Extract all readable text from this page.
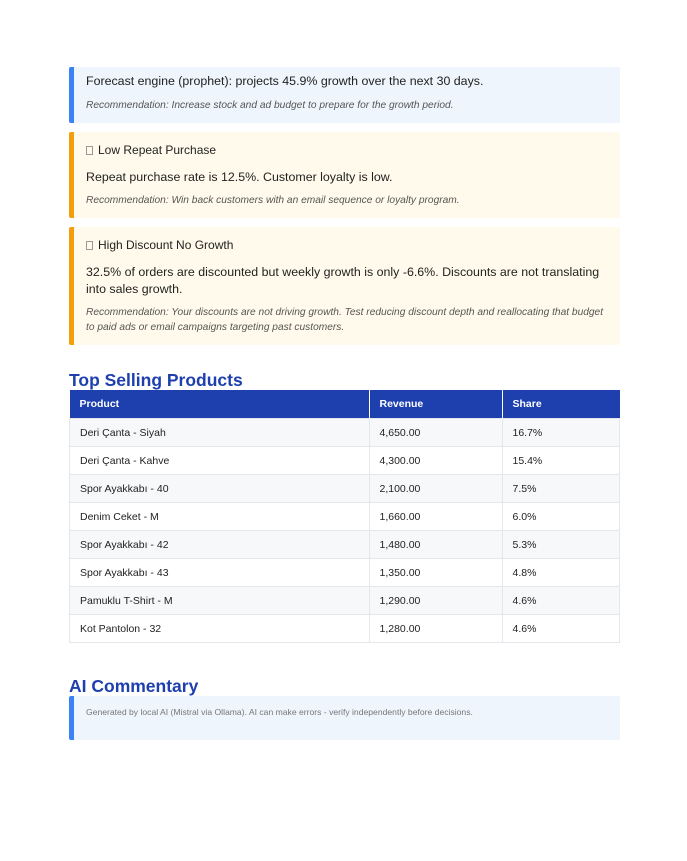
Forecast engine (prophet): projects 45.9% growth over the next 30 days.

Recommendation: Increase stock and ad budget to prepare for the growth period.

Low Repeat Purchase

Repeat purchase rate is 12.5%. Customer loyalty is low.

Recommendation: Win back customers with an email sequence or loyalty program.

High Discount No Growth

32.5% of orders are discounted but weekly growth is only -6.6%. Discounts are not translating into sales growth.

Recommendation: Your discounts are not driving growth. Test reducing discount depth and reallocating that budget to paid ads or email campaigns targeting past customers.

Top Selling Products
Product	Revenue	Share
Deri Çanta - Siyah	4,650.00	16.7%
Deri Çanta - Kahve	4,300.00	15.4%
Spor Ayakkabı - 40	2,100.00	7.5%
Denim Ceket - M	1,660.00	6.0%
Spor Ayakkabı - 42	1,480.00	5.3%
Spor Ayakkabı - 43	1,350.00	4.8%
Pamuklu T-Shirt - M	1,290.00	4.6%
Kot Pantolon - 32	1,280.00	4.6%
AI Commentary
Generated by local AI (Mistral via Ollama). AI can make errors - verify independently before decisions.
